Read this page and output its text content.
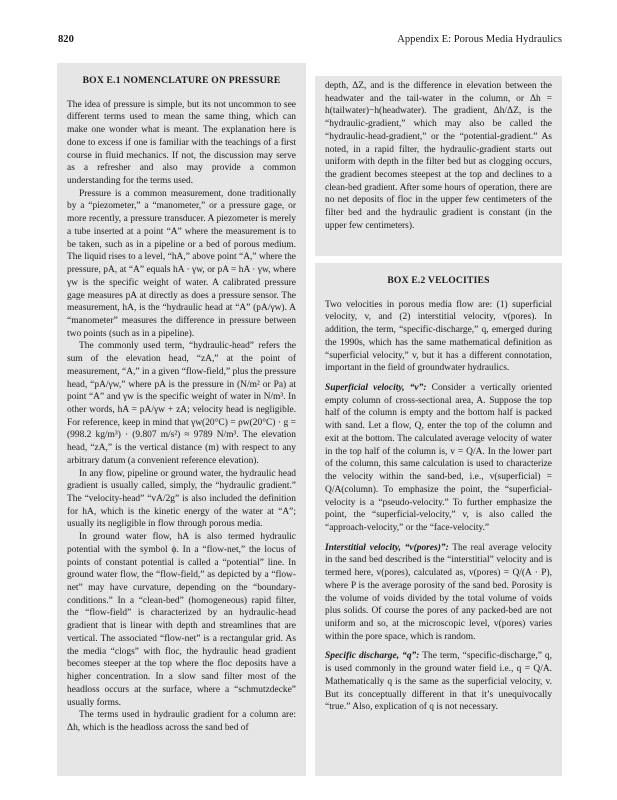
820	Appendix E: Porous Media Hydraulics
BOX E.1 NOMENCLATURE ON PRESSURE

The idea of pressure is simple, but its not uncommon to see different terms used to mean the same thing, which can make one wonder what is meant. The explanation here is done to excess if one is familiar with the teachings of a first course in fluid mechanics. If not, the discussion may serve as a refresher and also may provide a common understanding for the terms used.

Pressure is a common measurement, done traditionally by a “piezometer,” a “manometer,” or a pressure gage, or more recently, a pressure transducer. A piezometer is merely a tube inserted at a point “A” where the measurement is to be taken, such as in a pipeline or a bed of porous medium. The liquid rises to a level, “hA,” above point “A,” where the pressure, pA, at “A” equals hA · γw, or pA = hA · γw, where γw is the specific weight of water. A calibrated pressure gage measures pA at directly as does a pressure sensor. The measurement, hA, is the “hydraulic head at “A” (pA/γw). A “manometer” measures the difference in pressure between two points (such as in a pipeline).

The commonly used term, “hydraulic-head” refers the sum of the elevation head, “zA,” at the point of measurement, “A,” in a given “flow-field,” plus the pressure head, “pA/γw,” where pA is the pressure in (N/m² or Pa) at point “A” and γw is the specific weight of water in N/m³. In other words, hA = pA/γw + zA; velocity head is negligible. For reference, keep in mind that γw(20°C) = ρw(20°C) · g = (998.2 kg/m³) · (9.807 m/s²) ≈ 9789 N/m³. The elevation head, “zA,” is the vertical distance (m) with respect to any arbitrary datum (a convenient reference elevation).

In any flow, pipeline or ground water, the hydraulic head gradient is usually called, simply, the “hydraulic gradient.” The “velocity-head” “vA/2g” is also included the definition for hA, which is the kinetic energy of the water at “A”; usually its negligible in flow through porous media.

In ground water flow, hA is also termed hydraulic potential with the symbol ϕ. In a “flow-net,” the locus of points of constant potential is called a “potential” line. In ground water flow, the “flow-field,” as depicted by a “flow-net” may have curvature, depending on the “boundary-conditions.” In a “clean-bed” (homogeneous) rapid filter, the “flow-field” is characterized by an hydraulic-head gradient that is linear with depth and streamlines that are vertical. The associated “flow-net” is a rectangular grid. As the media “clogs” with floc, the hydraulic head gradient becomes steeper at the top where the floc deposits have a higher concentration. In a slow sand filter most of the headloss occurs at the surface, where a “schmutzdecke” usually forms.

The terms used in hydraulic gradient for a column are: Δh, which is the headloss across the sand bed of

depth, ΔZ, and is the difference in elevation between the headwater and the tail-water in the column, or Δh = h(tailwater)−h(headwater). The gradient, Δh/ΔZ, is the “hydraulic-gradient,” which may also be called the “hydraulic-head-gradient,” or the “potential-gradient.” As noted, in a rapid filter, the hydraulic-gradient starts out uniform with depth in the filter bed but as clogging occurs, the gradient becomes steepest at the top and declines to a clean-bed gradient. After some hours of operation, there are no net deposits of floc in the upper few centimeters of the filter bed and the hydraulic gradient is constant (in the upper few centimeters).

BOX E.2 VELOCITIES

Two velocities in porous media flow are: (1) superficial velocity, v, and (2) interstitial velocity, v(pores). In addition, the term, “specific-discharge,” q, emerged during the 1990s, which has the same mathematical definition as “superficial velocity,” v, but it has a different connotation, important in the field of groundwater hydraulics.

Superficial velocity, “v”: Consider a vertically oriented empty column of cross-sectional area, A. Suppose the top half of the column is empty and the bottom half is packed with sand. Let a flow, Q, enter the top of the column and exit at the bottom. The calculated average velocity of water in the top half of the column is, v = Q/A. In the lower part of the column, this same calculation is used to characterize the velocity within the sand-bed, i.e., v(superficial) = Q/A(column). To emphasize the point, the “superficial-velocity is a “pseudo-velocity.” To further emphasize the point, the “superficial-velocity,” v, is also called the “approach-velocity,” or the “face-velocity.”

Interstitial velocity, “v(pores)”: The real average velocity in the sand bed described is the “interstitial” velocity and is termed here, v(pores), calculated as, v(pores) = Q/(A · P), where P is the average porosity of the sand bed. Porosity is the volume of voids divided by the total volume of voids plus solids. Of course the pores of any packed-bed are not uniform and so, at the microscopic level, v(pores) varies within the pore space, which is random.

Specific discharge, “q”: The term, “specific-discharge,” q, is used commonly in the ground water field i.e., q = Q/A. Mathematically q is the same as the superficial velocity, v. But its conceptually different in that it’s unequivocally “true.” Also, explication of q is not necessary.
